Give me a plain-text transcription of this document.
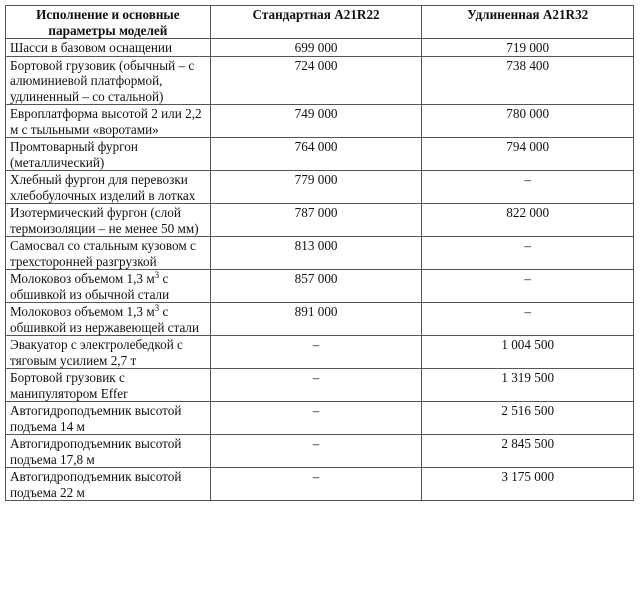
Исполнение и основные параметры моделей	Стандартная А21R22	Удлиненная А21R32
Шасси в базовом оснащении	699 000	719 000
Бортовой грузовик (обычный – с алюминиевой платформой, удлиненный – со стальной)	724 000	738 400
Европлатформа высотой 2 или 2,2 м с тыльными «воротами»	749 000	780 000
Промтоварный фургон (металлический)	764 000	794 000
Хлебный фургон для перевозки хлебобулочных изделий в лотках	779 000	–
Изотермический фургон (слой термоизоляции – не менее 50 мм)	787 000	822 000
Самосвал со стальным кузовом с трехсторонней разгрузкой	813 000	–
Молоковоз объемом 1,3 $м^3$ с обшивкой из обычной стали	857 000	–
Молоковоз объемом 1,3 $м^3$ с обшивкой из нержавеющей стали	891 000	–
Эвакуатор с электролебедкой с тяговым усилием 2,7 т	–	1 004 500
Бортовой грузовик с манипулятором Effer	–	1 319 500
Автогидроподъемник высотой подъема 14 м	–	2 516 500
Автогидроподъемник высотой подъема 17,8 м	–	2 845 500
Автогидроподъемник высотой подъема 22 м	–	3 175 000
